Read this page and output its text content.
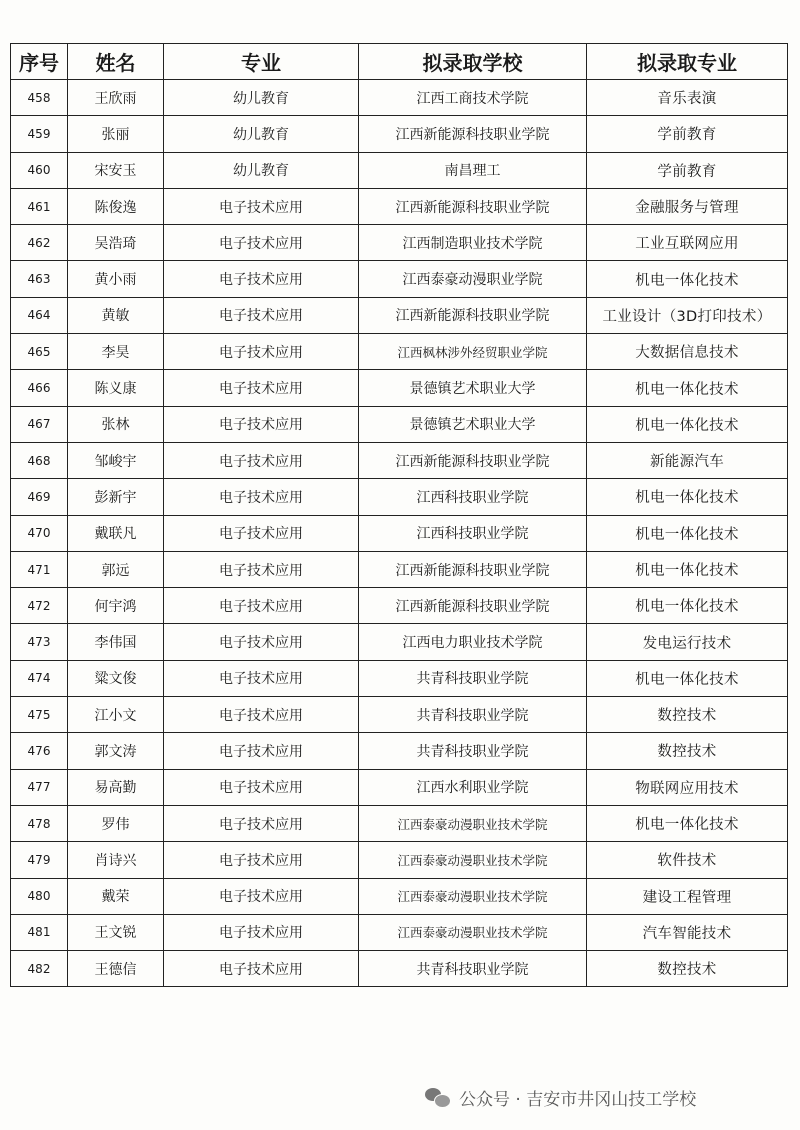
序号	姓名	专业	拟录取学校	拟录取专业
458	王欣雨	幼儿教育	江西工商技术学院	音乐表演
459	张丽	幼儿教育	江西新能源科技职业学院	学前教育
460	宋安玉	幼儿教育	南昌理工	学前教育
461	陈俊逸	电子技术应用	江西新能源科技职业学院	金融服务与管理
462	吴浩琦	电子技术应用	江西制造职业技术学院	工业互联网应用
463	黄小雨	电子技术应用	江西泰豪动漫职业学院	机电一体化技术
464	黄敏	电子技术应用	江西新能源科技职业学院	工业设计（3D打印技术）
465	李昊	电子技术应用	江西枫林涉外经贸职业学院	大数据信息技术
466	陈义康	电子技术应用	景德镇艺术职业大学	机电一体化技术
467	张林	电子技术应用	景德镇艺术职业大学	机电一体化技术
468	邹峻宇	电子技术应用	江西新能源科技职业学院	新能源汽车
469	彭新宇	电子技术应用	江西科技职业学院	机电一体化技术
470	戴联凡	电子技术应用	江西科技职业学院	机电一体化技术
471	郭远	电子技术应用	江西新能源科技职业学院	机电一体化技术
472	何宇鸿	电子技术应用	江西新能源科技职业学院	机电一体化技术
473	李伟国	电子技术应用	江西电力职业技术学院	发电运行技术
474	粱文俊	电子技术应用	共青科技职业学院	机电一体化技术
475	江小文	电子技术应用	共青科技职业学院	数控技术
476	郭文涛	电子技术应用	共青科技职业学院	数控技术
477	易高勤	电子技术应用	江西水利职业学院	物联网应用技术
478	罗伟	电子技术应用	江西泰豪动漫职业技术学院	机电一体化技术
479	肖诗兴	电子技术应用	江西泰豪动漫职业技术学院	软件技术
480	戴荣	电子技术应用	江西泰豪动漫职业技术学院	建设工程管理
481	王文锐	电子技术应用	江西泰豪动漫职业技术学院	汽车智能技术
482	王德信	电子技术应用	共青科技职业学院	数控技术
公众号 · 吉安市井冈山技工学校
